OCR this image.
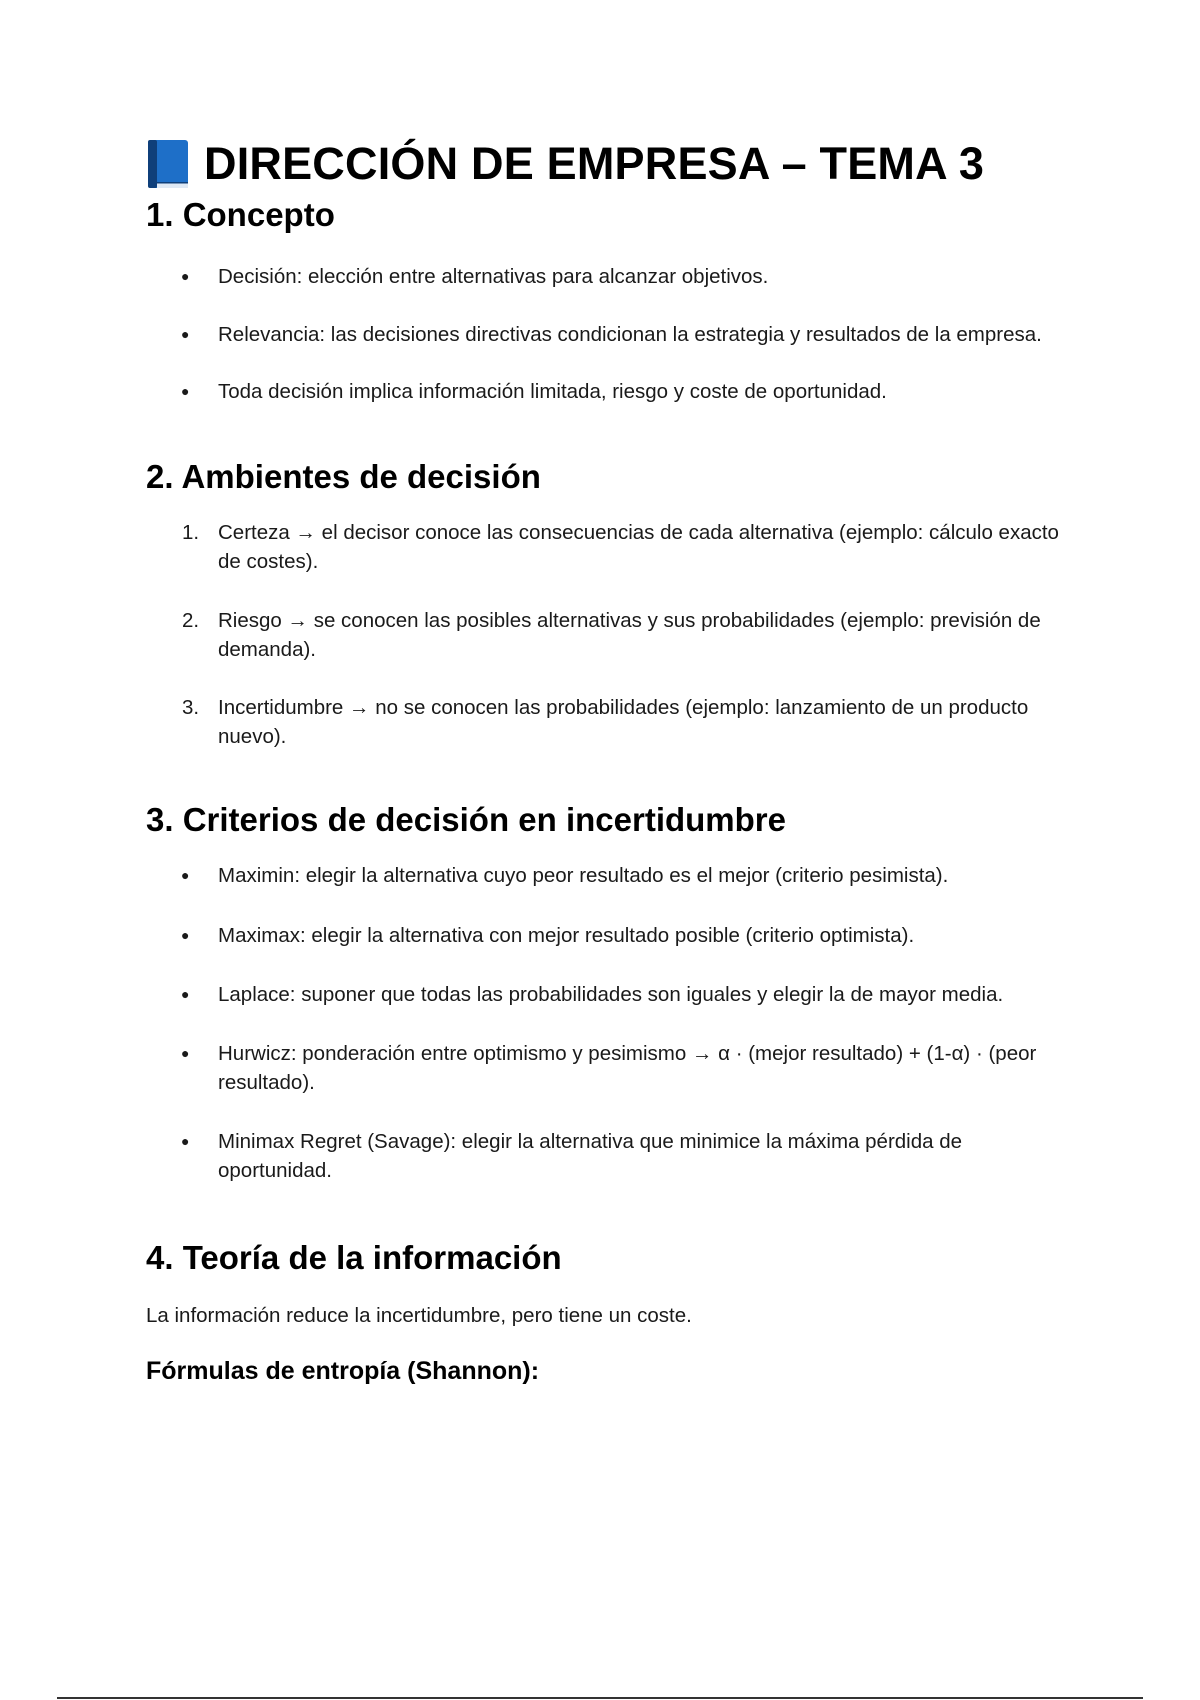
DIRECCIÓN DE EMPRESA – TEMA 3
1. Concepto
●
Decisión: elección entre alternativas para alcanzar objetivos.
●
Relevancia: las decisiones directivas condicionan la estrategia y resultados de la empresa.
●
Toda decisión implica información limitada, riesgo y coste de oportunidad.
2. Ambientes de decisión
1. Certeza → el decisor conoce las consecuencias de cada alternativa (ejemplo: cálculo exacto de costes).
2. Riesgo → se conocen las posibles alternativas y sus probabilidades (ejemplo: previsión de demanda).
3. Incertidumbre → no se conocen las probabilidades (ejemplo: lanzamiento de un producto nuevo).
3. Criterios de decisión en incertidumbre
●
Maximin: elegir la alternativa cuyo peor resultado es el mejor (criterio pesimista).
●
Maximax: elegir la alternativa con mejor resultado posible (criterio optimista).
●
Laplace: suponer que todas las probabilidades son iguales y elegir la de mayor media.
●
Hurwicz: ponderación entre optimismo y pesimismo → α · (mejor resultado) + (1-α) · (peor resultado).
●
Minimax Regret (Savage): elegir la alternativa que minimice la máxima pérdida de oportunidad.
4. Teoría de la información

La información reduce la incertidumbre, pero tiene un coste.

Fórmulas de entropía (Shannon):
